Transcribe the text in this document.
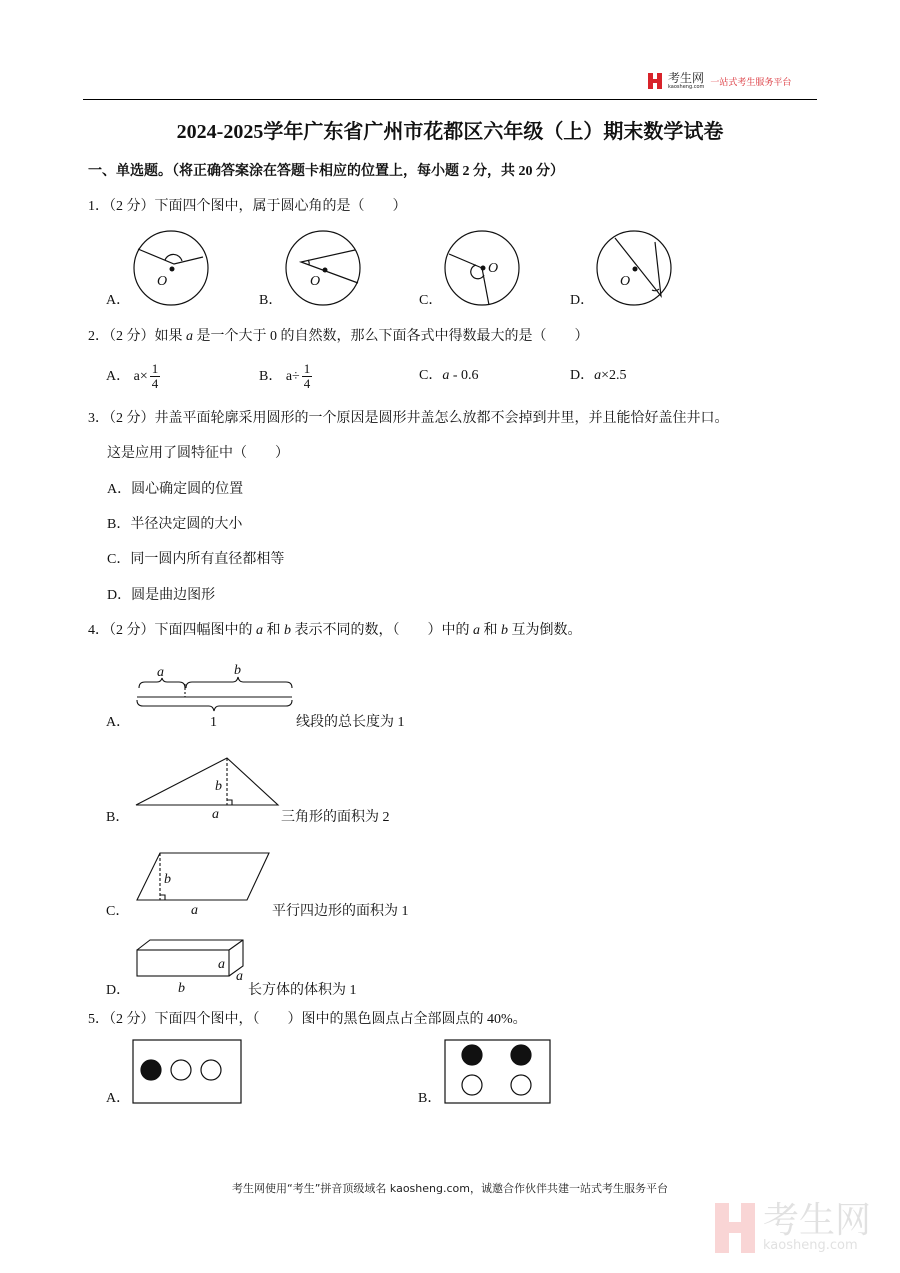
考生网
kaosheng.com 一站式考生服务平台
2024-2025学年广东省广州市花都区六年级（上）期末数学试卷
一、单选题。（将正确答案涂在答题卡相应的位置上，每小题 2 分，共 20 分）
1．（2 分）下面四个图中，属于圆心角的是（　　）
A．	B．	C．	D．
O	O
O
O
2．（2 分）如果 a 是一个大于 0 的自然数，那么下面各式中得数最大的是（　　）
A． $a\times \frac{1}{4}$	B． $a\div \frac{1}{4}$	C．a - 0.6	D．a×2.5
3．（2 分）井盖平面轮廓采用圆形的一个原因是圆形井盖怎么放都不会掉到井里，并且能恰好盖住井口。
这是应用了圆特征中（　　）
A．圆心确定圆的位置
B．半径决定圆的大小
C．同一圆内所有直径都相等
D．圆是曲边图形
4．（2 分）下面四幅图中的 a 和 b 表示不同的数，（　　）中的 a 和 b 互为倒数。
A．	线段的总长度为 1
B．	三角形的面积为 2
C．	平行四边形的面积为 1
D．	长方体的体积为 1
a	b
1
b
a
b
a
a
a
b
5．（2 分）下面四个图中，（　　）图中的黑色圆点占全部圆点的 40%。
A．	B．
考生网使用“考生”拼音顶级域名 kaosheng.com，诚邀合作伙伴共建一站式考生服务平台
考生网
kaosheng.com
